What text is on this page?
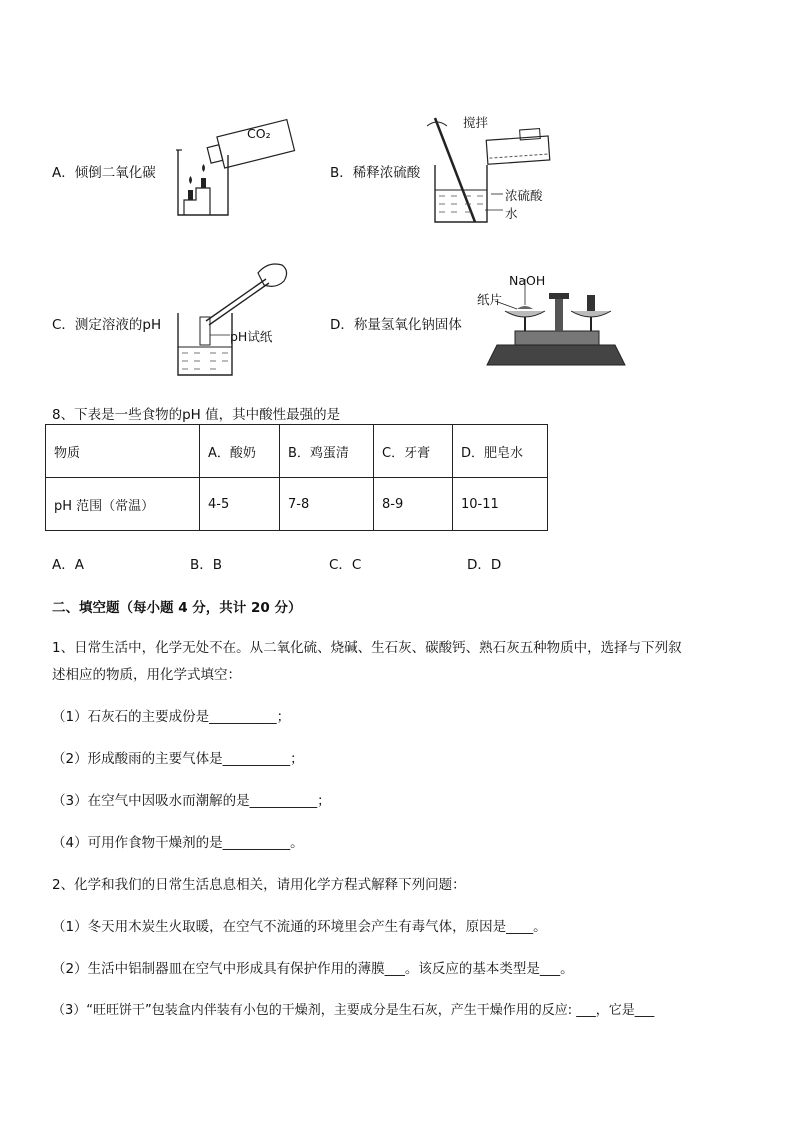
A．倾倒二氧化碳
CO₂
B．稀释浓硫酸
搅拌
浓硫酸
水
C．测定溶液的pH
pH试纸
D．称量氢氧化钠固体
NaOH
纸片
8、下表是一些食物的pH 值，其中酸性最强的是
物质	A．酸奶	B．鸡蛋清	C．牙膏	D．肥皂水
pH 范围（常温）	4-5	7-8	8-9	10-11
A．A	B．B	C．C	D．D
二、填空题（每小题 4 分，共计 20 分）
1、日常生活中，化学无处不在。从二氧化硫、烧碱、生石灰、碳酸钙、熟石灰五种物质中，选择与下列叙
述相应的物质，用化学式填空：
（1）石灰石的主要成份是__________；
（2）形成酸雨的主要气体是__________；
（3）在空气中因吸水而潮解的是__________；
（4）可用作食物干燥剂的是__________。
2、化学和我们的日常生活息息相关，请用化学方程式解释下列问题：
（1）冬天用木炭生火取暖，在空气不流通的环境里会产生有毒气体，原因是____。
（2）生活中铝制器皿在空气中形成具有保护作用的薄膜___。该反应的基本类型是___。
（3）“旺旺饼干”包装盒内伴装有小包的干燥剂，主要成分是生石灰，产生干燥作用的反应: ___，它是___
